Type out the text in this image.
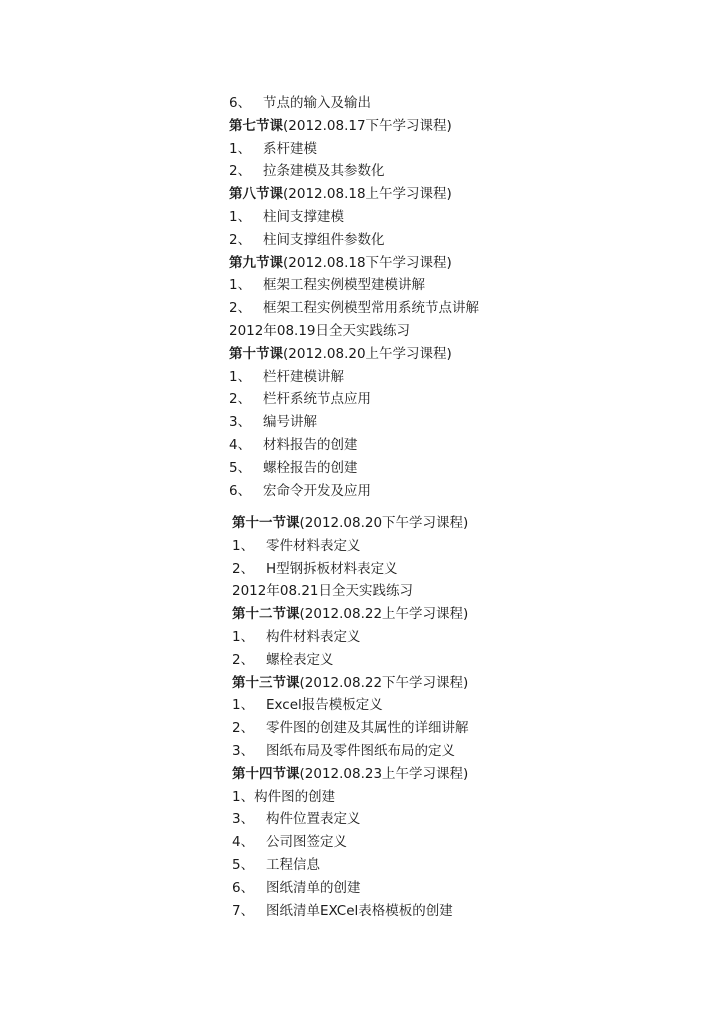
6、 节点的输入及输出
第七节课(2012.08.17下午学习课程)
1、 系杆建模
2、 拉条建模及其参数化
第八节课(2012.08.18上午学习课程)
1、 柱间支撑建模
2、 柱间支撑组件参数化
第九节课(2012.08.18下午学习课程)
1、 框架工程实例模型建模讲解
2、 框架工程实例模型常用系统节点讲解
2012年08.19日全天实践练习
第十节课(2012.08.20上午学习课程)
1、 栏杆建模讲解
2、 栏杆系统节点应用
3、 编号讲解
4、 材料报告的创建
5、 螺栓报告的创建
6、 宏命令开发及应用
第十一节课(2012.08.20下午学习课程)
1、 零件材料表定义
2、 H型钢拆板材料表定义
2012年08.21日全天实践练习
第十二节课(2012.08.22上午学习课程)
1、 构件材料表定义
2、 螺栓表定义
第十三节课(2012.08.22下午学习课程)
1、 Excel报告模板定义
2、 零件图的创建及其属性的详细讲解
3、 图纸布局及零件图纸布局的定义
第十四节课(2012.08.23上午学习课程)
1、构件图的创建
3、 构件位置表定义
4、 公司图签定义
5、 工程信息
6、 图纸清单的创建
7、 图纸清单EXCel表格模板的创建
